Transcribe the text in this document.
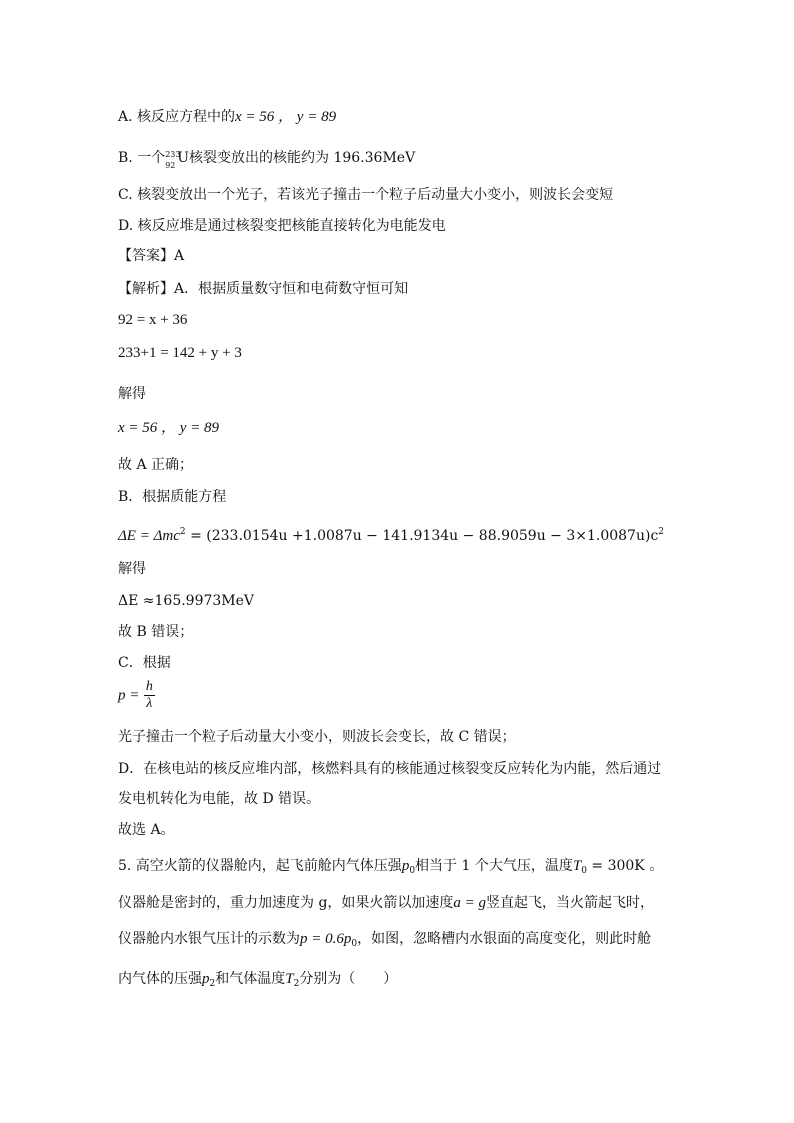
A. 核反应方程中的x = 56 ， y = 89
B. 一个 233
92 U核裂变放出的核能约为 196.36MeV
C. 核裂变放出一个光子，若该光子撞击一个粒子后动量大小变小，则波长会变短
D. 核反应堆是通过核裂变把核能直接转化为电能发电
【答案】A
【解析】A．根据质量数守恒和电荷数守恒可知
92 = x + 36
233+1 = 142 + y + 3
解得
x = 56 ， y = 89
故 A 正确；
B．根据质能方程
$\Delta E = \Delta mc^2 = (233.0154u +1.0087u - 141.9134u - 88.9059u - 3\times 1.0087u)c^2$
解得
ΔE ≈165.9973MeV
故 B 错误；
C．根据
$p = \frac{h}{\lambda}$
光子撞击一个粒子后动量大小变小，则波长会变长，故 C 错误；
D．在核电站的核反应堆内部，核燃料具有的核能通过核裂变反应转化为内能，然后通过
发电机转化为电能，故 D 错误。
故选 A。
5. 高空火箭的仪器舱内，起飞前舱内气体压强$p_0$相当于 1 个大气压，温度$T_0 = 300K$ 。
仪器舱是密封的，重力加速度为 g，如果火箭以加速度a = g竖直起飞，当火箭起飞时，
仪器舱内水银气压计的示数为$p = 0.6p_0$，如图，忽略槽内水银面的高度变化，则此时舱
内气体的压强$p_2$和气体温度$T_2$分别为（　　）
